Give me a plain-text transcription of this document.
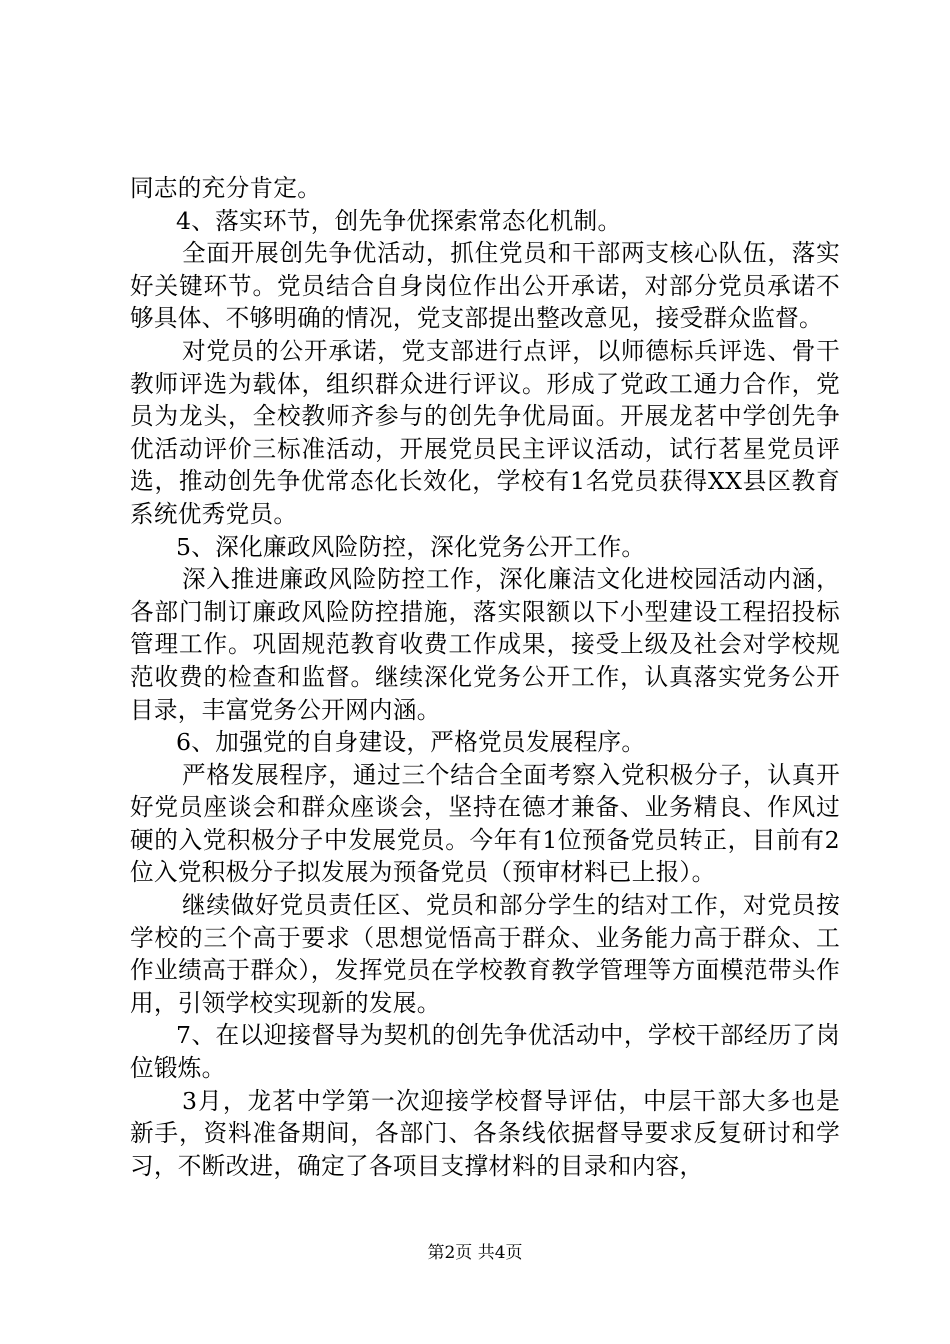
同志的充分肯定。

4、落实环节，创先争优探索常态化机制。

全面开展创先争优活动，抓住党员和干部两支核心队伍，落实好关键环节。党员结合自身岗位作出公开承诺，对部分党员承诺不够具体、不够明确的情况，党支部提出整改意见，接受群众监督。

对党员的公开承诺，党支部进行点评，以师德标兵评选、骨干教师评选为载体，组织群众进行评议。形成了党政工通力合作，党员为龙头，全校教师齐参与的创先争优局面。开展龙茗中学创先争优活动评价三标准活动，开展党员民主评议活动，试行茗星党员评选，推动创先争优常态化长效化，学校有1名党员获得XX县区教育系统优秀党员。

5、深化廉政风险防控，深化党务公开工作。

深入推进廉政风险防控工作，深化廉洁文化进校园活动内涵，各部门制订廉政风险防控措施，落实限额以下小型建设工程招投标管理工作。巩固规范教育收费工作成果，接受上级及社会对学校规范收费的检查和监督。继续深化党务公开工作，认真落实党务公开目录，丰富党务公开网内涵。

6、加强党的自身建设，严格党员发展程序。

严格发展程序，通过三个结合全面考察入党积极分子，认真开好党员座谈会和群众座谈会，坚持在德才兼备、业务精良、作风过硬的入党积极分子中发展党员。今年有1位预备党员转正，目前有2位入党积极分子拟发展为预备党员（预审材料已上报）。

继续做好党员责任区、党员和部分学生的结对工作，对党员按学校的三个高于要求（思想觉悟高于群众、业务能力高于群众、工作业绩高于群众），发挥党员在学校教育教学管理等方面模范带头作用，引领学校实现新的发展。

7、在以迎接督导为契机的创先争优活动中，学校干部经历了岗位锻炼。

3月，龙茗中学第一次迎接学校督导评估，中层干部大多也是新手，资料准备期间，各部门、各条线依据督导要求反复研讨和学习，不断改进，确定了各项目支撑材料的目录和内容，

第2页 共4页
